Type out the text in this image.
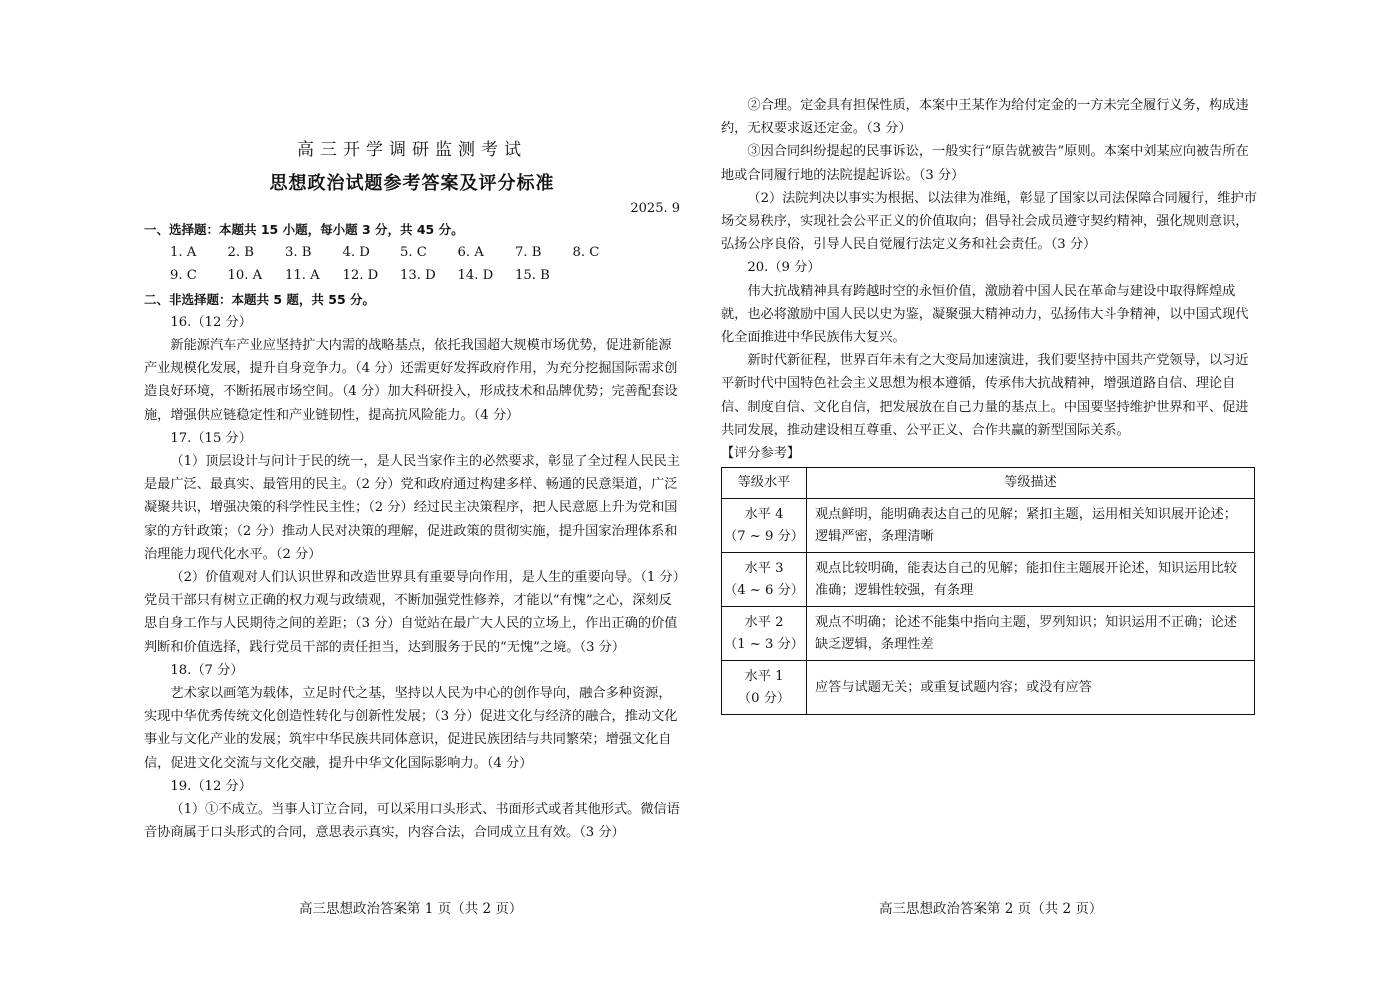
高三开学调研监测考试
思想政治试题参考答案及评分标准
2025. 9

一、选择题：本题共 15 小题，每小题 3 分，共 45 分。

1. A	2. B	3. B	4. D	5. C	6. A	7. B	8. C
9. C	10. A	11. A	12. D	13. D	14. D	15. B

二、非选择题：本题共 5 题，共 55 分。

16.（12 分）

新能源汽车产业应坚持扩大内需的战略基点，依托我国超大规模市场优势，促进新能源产业规模化发展，提升自身竞争力。（4 分）还需更好发挥政府作用，为充分挖掘国际需求创造良好环境，不断拓展市场空间。（4 分）加大科研投入，形成技术和品牌优势；完善配套设施，增强供应链稳定性和产业链韧性，提高抗风险能力。（4 分）

17.（15 分）

（1）顶层设计与问计于民的统一，是人民当家作主的必然要求，彰显了全过程人民民主是最广泛、最真实、最管用的民主。（2 分）党和政府通过构建多样、畅通的民意渠道，广泛凝聚共识，增强决策的科学性民主性；（2 分）经过民主决策程序，把人民意愿上升为党和国家的方针政策；（2 分）推动人民对决策的理解，促进政策的贯彻实施，提升国家治理体系和治理能力现代化水平。（2 分）

（2）价值观对人们认识世界和改造世界具有重要导向作用，是人生的重要向导。（1 分）党员干部只有树立正确的权力观与政绩观，不断加强党性修养，才能以“有愧”之心，深刻反思自身工作与人民期待之间的差距；（3 分）自觉站在最广大人民的立场上，作出正确的价值判断和价值选择，践行党员干部的责任担当，达到服务于民的“无愧”之境。（3 分）

18.（7 分）

艺术家以画笔为载体，立足时代之基，坚持以人民为中心的创作导向，融合多种资源，实现中华优秀传统文化创造性转化与创新性发展；（3 分）促进文化与经济的融合，推动文化事业与文化产业的发展；筑牢中华民族共同体意识，促进民族团结与共同繁荣；增强文化自信，促进文化交流与文化交融，提升中华文化国际影响力。（4 分）

19.（12 分）

（1）①不成立。当事人订立合同，可以采用口头形式、书面形式或者其他形式。微信语音协商属于口头形式的合同，意思表示真实，内容合法，合同成立且有效。（3 分）

高三思想政治答案第 1 页（共 2 页）

②合理。定金具有担保性质，本案中王某作为给付定金的一方未完全履行义务，构成违约，无权要求返还定金。（3 分）

③因合同纠纷提起的民事诉讼，一般实行“原告就被告”原则。本案中刘某应向被告所在地或合同履行地的法院提起诉讼。（3 分）

（2）法院判决以事实为根据、以法律为准绳，彰显了国家以司法保障合同履行，维护市场交易秩序，实现社会公平正义的价值取向；倡导社会成员遵守契约精神，强化规则意识，弘扬公序良俗，引导人民自觉履行法定义务和社会责任。（3 分）

20.（9 分）

伟大抗战精神具有跨越时空的永恒价值，激励着中国人民在革命与建设中取得辉煌成就，也必将激励中国人民以史为鉴，凝聚强大精神动力，弘扬伟大斗争精神，以中国式现代化全面推进中华民族伟大复兴。

新时代新征程，世界百年未有之大变局加速演进，我们要坚持中国共产党领导，以习近平新时代中国特色社会主义思想为根本遵循，传承伟大抗战精神，增强道路自信、理论自信、制度自信、文化自信，把发展放在自己力量的基点上。中国要坚持维护世界和平、促进共同发展，推动建设相互尊重、公平正义、合作共赢的新型国际关系。

【评分参考】

等级水平	等级描述

水平 4
（7 ~ 9 分）	观点鲜明，能明确表达自己的见解；紧扣主题，运用相关知识展开论述；逻辑严密，条理清晰

水平 3
（4 ~ 6 分）	观点比较明确，能表达自己的见解；能扣住主题展开论述，知识运用比较准确；逻辑性较强，有条理

水平 2
（1 ~ 3 分）	观点不明确；论述不能集中指向主题，罗列知识；知识运用不正确；论述缺乏逻辑，条理性差

水平 1
（0 分）	应答与试题无关；或重复试题内容；或没有应答
高三思想政治答案第 2 页（共 2 页）
